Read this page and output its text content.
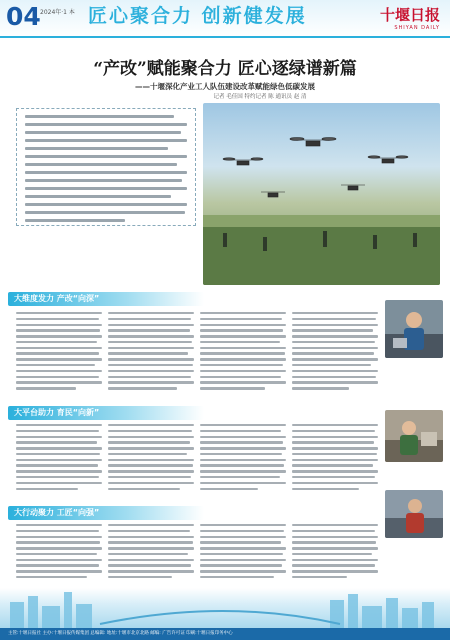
04 2024年·1 本 匠心聚合力 创新健发展	十堰日报
SHIYAN DAILY
“产改”赋能聚合力 匠心逐绿谱新篇
——十堰深化产业工人队伍建设改革赋能绿色低碳发展
记者 毛佳国 特约记者 陈 通讯员 赵 清
大维度发力 产改“向深”
大平台助力 育民“向新”
大行动聚力 工匠“向强”
主管:十堰日报社 主办:十堰日报传媒集团 总编辑: 地址:十堰市北京北路 邮编: 广告许可证 印刷:十堰日报印务中心
